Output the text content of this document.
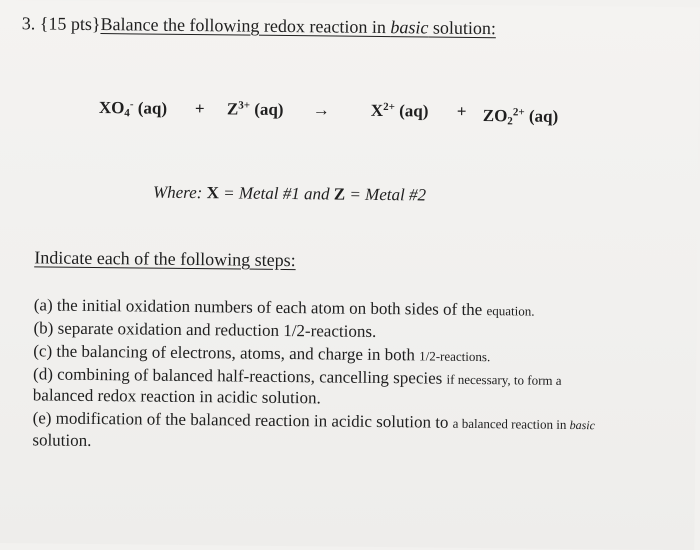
3. {15 pts}Balance the following redox reaction in basic solution:
$XO_4^-$ $(aq) + Z^{3+}$ $(aq) \to X^{2+}$ $(aq) + ZO_2^{2+}$ (aq)
Where: X = Metal #1 and Z = Metal #2
Indicate each of the following steps:
(a) the initial oxidation numbers of each atom on both sides of the equation.
(b) separate oxidation and reduction 1/2-reactions.
(c) the balancing of electrons, atoms, and charge in both 1/2-reactions.
(d) combining of balanced half-reactions, cancelling species if necessary, to form a
balanced redox reaction in acidic solution.
(e) modification of the balanced reaction in acidic solution to a balanced reaction in basic
solution.
